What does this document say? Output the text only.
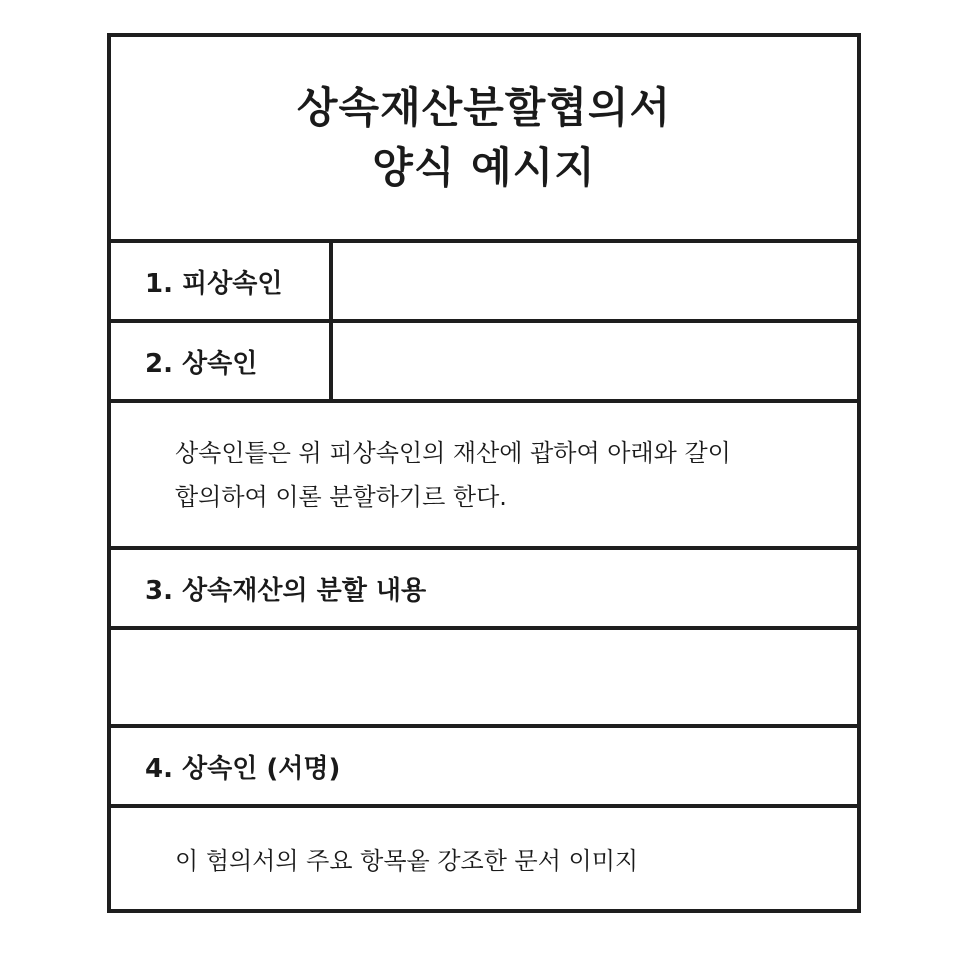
상속재산분할협의서
양식 예시지
1. 피상속인
2. 상속인
상속인틑은 위 피상속인의 재산에 괍하여 아래와 갈이
합의하여 이롣 분할하기르 한다.
3. 상속재산의 분할 내용
4. 상속인 (서명)
이 험의서의 주요 항목옽 강조한 문서 이미지
